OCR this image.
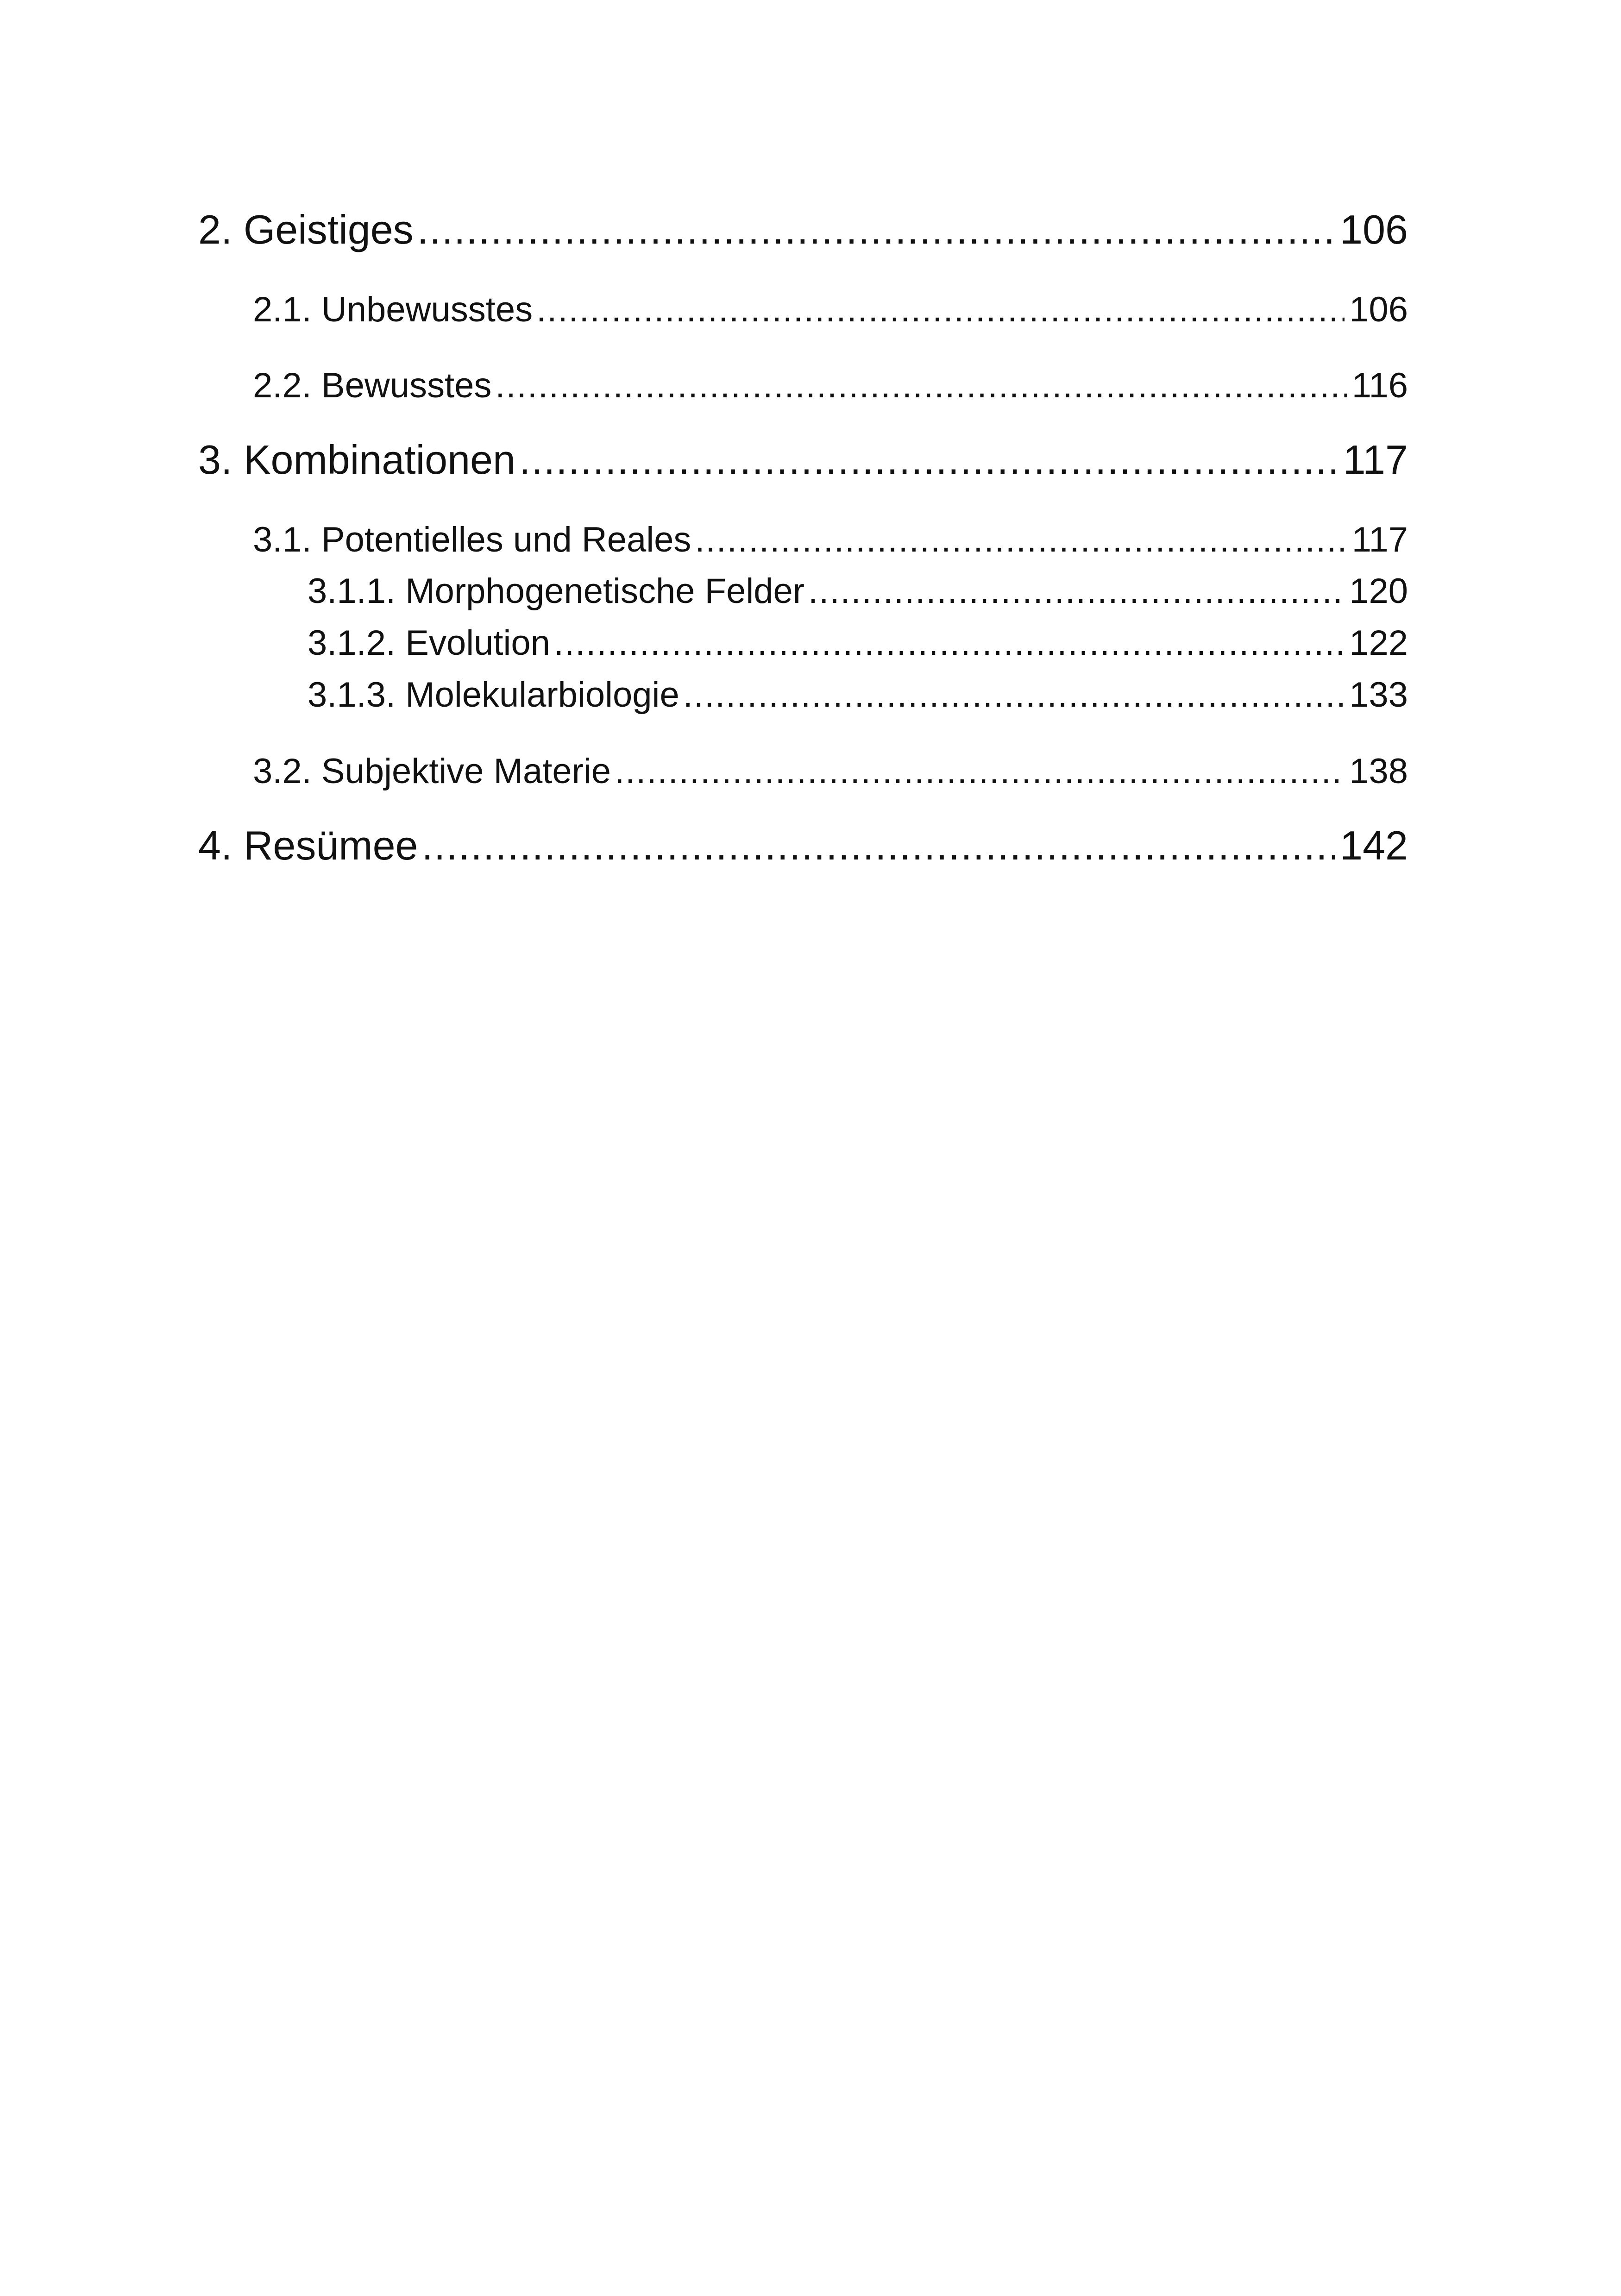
2. Geistiges .....	106
2.1. Unbewusstes .....	106
2.2. Bewusstes .....	116
3. Kombinationen .....	117
3.1. Potentielles und Reales .....	117
3.1.1. Morphogenetische Felder .....	120
3.1.2. Evolution .....	122
3.1.3. Molekularbiologie .....	133
3.2. Subjektive Materie .....	138
4. Resümee .....	142
